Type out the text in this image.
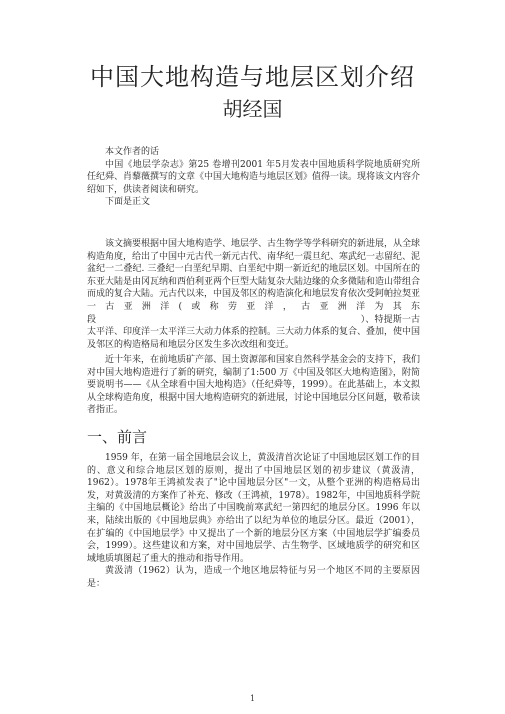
中国大地构造与地层区划介绍
胡经国

本文作者的话

中国《地层学杂志》第25 卷增刊2001 年5月发表中国地质科学院地质研究所任纪舜、肖藜薇撰写的文章《中国大地构造与地层区划》值得一读。现将该文内容介绍如下，供读者阅读和研究。

下面是正文

该文摘要根据中国大地构造学、地层学、古生物学等学科研究的新进展，从全球构造角度，给出了中国中元古代一新元古代、南华纪一震旦纪、寒武纪一志留纪、泥盆纪一二叠纪. 三叠纪一白垩纪早期、白垩纪中期一新近纪的地层区划。中国所在的东亚大陆是由冈瓦纳和西伯利亚两个巨型大陆复杂大陆边缘的众多微陆和造山带组合而成的复合大陆。元古代以来，中国及邻区的构造演化和地层发育依次受阿帕拉契亚一古亚洲洋(或称劳亚洋，古亚洲洋为其东段　　　　　　　　　　　　　　　　　　　　　　　　　　　　　）、特提斯一古太平洋、印度洋一太平洋三大动力体系的控制。三大动力体系的复合、叠加，使中国及邻区的构造格局和地层分区发生多次改组和变迁。

近十年来，在前地质矿产部、国土资源部和国家自然科学基金会的支持下，我们对中国大地构造进行了新的研究，编制了1:500 万《中国及邻区大地构造图》，附简要说明书——《从全球看中国大地构造》（任纪舜等，1999）。在此基础上，本文拟从全球构造角度，根据中国大地构造研究的新进展，讨论中国地层分区问题，敬希读者指正。

一、前言

1959 年，在第一届全国地层会议上，黄汲清首次论证了中国地层区划工作的目的、意义和综合地层区划的原则，提出了中国地层区划的初步建议（黄汲清，1962）。1978年王鸿祯发表了"论中国地层分区"一文，从整个亚洲的构造格局出发，对黄汲清的方案作了补充、修改（王鸿祯，1978）。1982年，中国地质科学院主编的《中国地层概论》给出了中国晚前寒武纪一第四纪的地层分区。1996 年以来，陆续出版的《中国地层典》亦给出了以纪为单位的地层分区。最近（2001），在扩编的《中国地层学》中又提出了一个新的地层分区方案（中国地层学扩编委员会，1999）。这些建议和方案，对中国地层学、古生物学、区域地质学的研究和区域地质填图起了重大的推动和指导作用。

黄汲清（1962）认为，造成一个地区地层特征与另一个地区不同的主要原因是：

1
